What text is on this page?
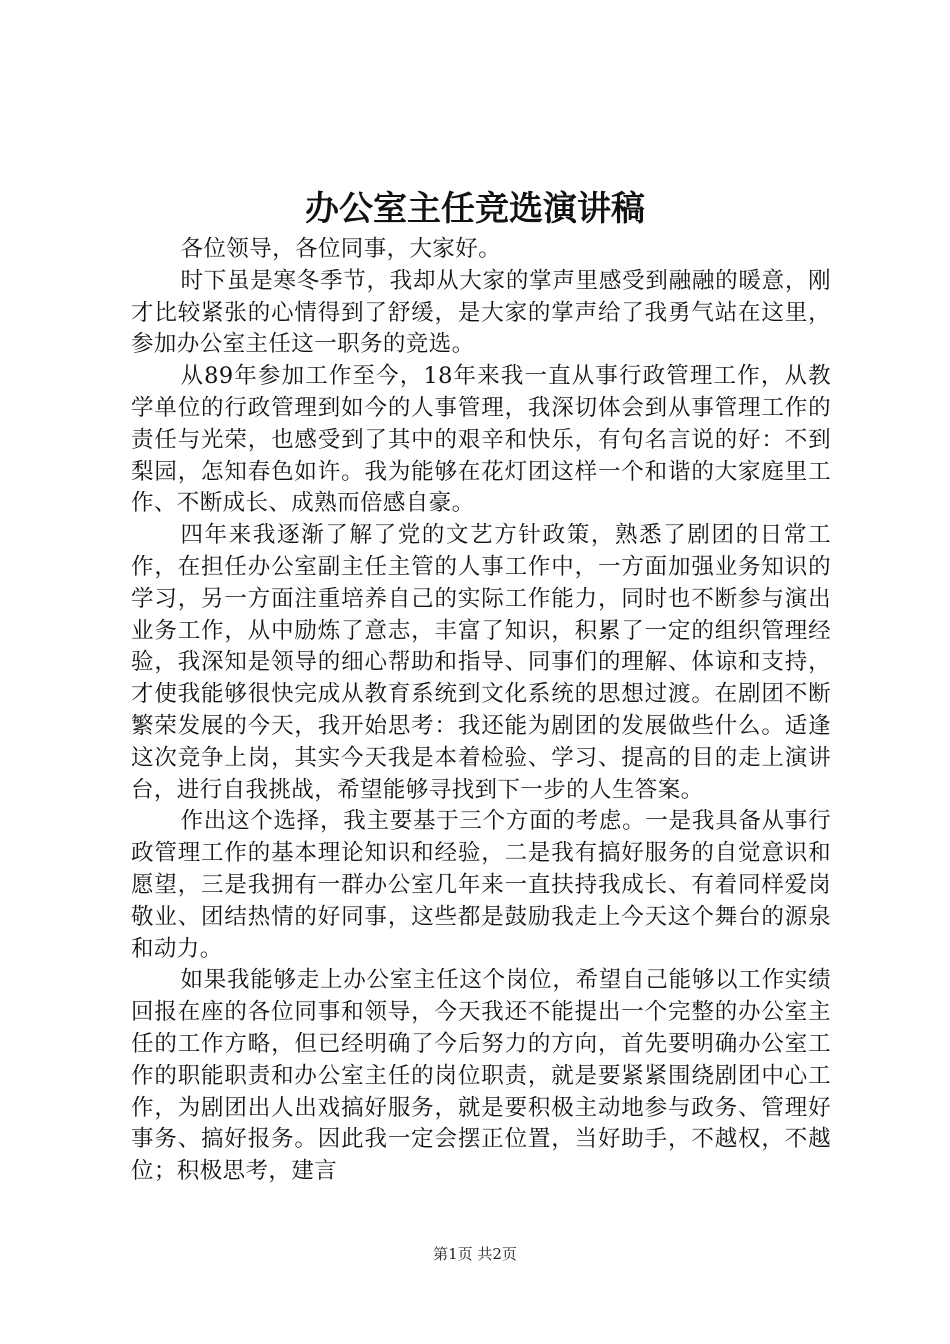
办公室主任竞选演讲稿

各位领导，各位同事，大家好。

时下虽是寒冬季节，我却从大家的掌声里感受到融融的暖意，刚才比较紧张的心情得到了舒缓，是大家的掌声给了我勇气站在这里，参加办公室主任这一职务的竞选。

从89年参加工作至今，18年来我一直从事行政管理工作，从教学单位的行政管理到如今的人事管理，我深切体会到从事管理工作的责任与光荣，也感受到了其中的艰辛和快乐，有句名言说的好：不到梨园，怎知春色如许。我为能够在花灯团这样一个和谐的大家庭里工作、不断成长、成熟而倍感自豪。

四年来我逐渐了解了党的文艺方针政策，熟悉了剧团的日常工作，在担任办公室副主任主管的人事工作中，一方面加强业务知识的学习，另一方面注重培养自己的实际工作能力，同时也不断参与演出业务工作，从中励炼了意志，丰富了知识，积累了一定的组织管理经验，我深知是领导的细心帮助和指导、同事们的理解、体谅和支持，才使我能够很快完成从教育系统到文化系统的思想过渡。在剧团不断繁荣发展的今天，我开始思考：我还能为剧团的发展做些什么。适逢这次竞争上岗，其实今天我是本着检验、学习、提高的目的走上演讲台，进行自我挑战，希望能够寻找到下一步的人生答案。

作出这个选择，我主要基于三个方面的考虑。一是我具备从事行政管理工作的基本理论知识和经验，二是我有搞好服务的自觉意识和愿望，三是我拥有一群办公室几年来一直扶持我成长、有着同样爱岗敬业、团结热情的好同事，这些都是鼓励我走上今天这个舞台的源泉和动力。

如果我能够走上办公室主任这个岗位，希望自己能够以工作实绩回报在座的各位同事和领导，今天我还不能提出一个完整的办公室主任的工作方略，但已经明确了今后努力的方向，首先要明确办公室工作的职能职责和办公室主任的岗位职责，就是要紧紧围绕剧团中心工作，为剧团出人出戏搞好服务，就是要积极主动地参与政务、管理好事务、搞好报务。因此我一定会摆正位置，当好助手，不越权，不越位；积极思考，建言

第1页 共2页
